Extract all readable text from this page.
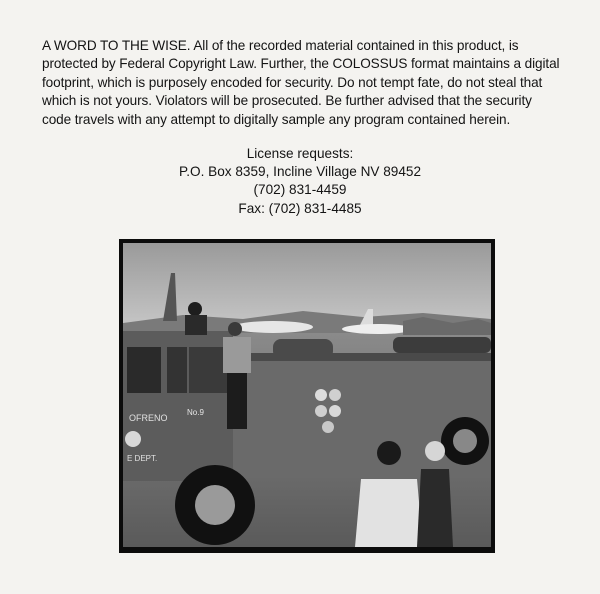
A WORD TO THE WISE. All of the recorded material contained in this product, is protected by Federal Copyright Law. Further, the COLOSSUS format maintains a digital footprint, which is purposely encoded for security. Do not tempt fate, do not steal that which is not yours. Violators will be prosecuted. Be further advised that the security code travels with any attempt to digitally sample any program contained herein.

License requests:
P.O. Box 8359, Incline Village NV 89452
(702) 831-4459
Fax: (702) 831-4485
OFRENO
E DEPT.
No.9
